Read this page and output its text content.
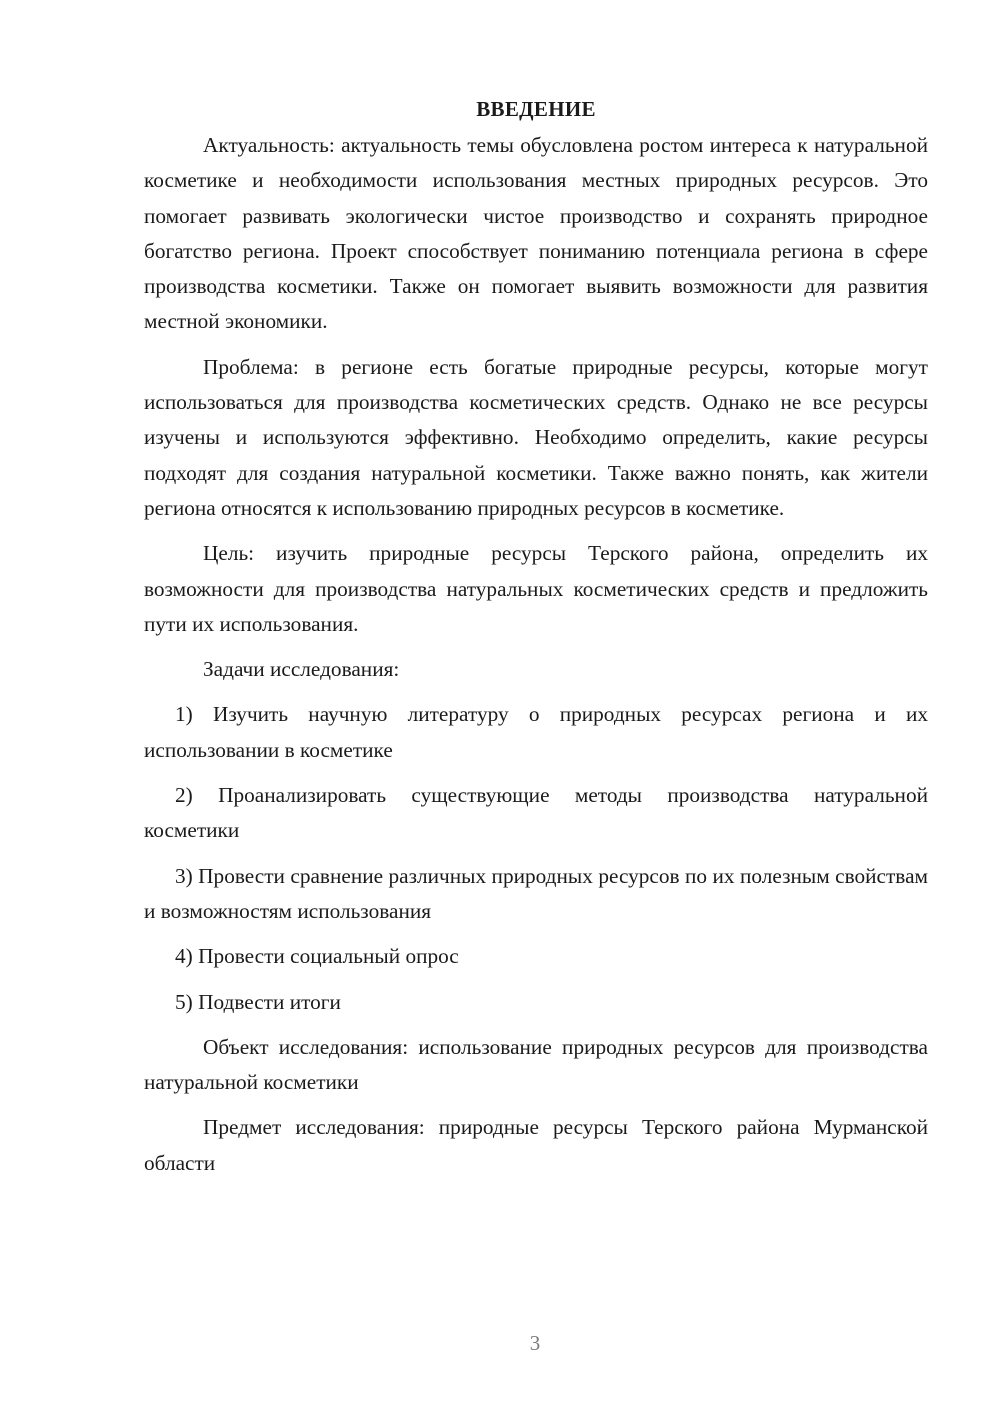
ВВЕДЕНИЕ

Актуальность: актуальность темы обусловлена ростом интереса к натуральной косметике и необходимости использования местных природных ресурсов. Это помогает развивать экологически чистое производство и сохранять природное богатство региона. Проект способствует пониманию потенциала региона в сфере производства косметики. Также он помогает выявить возможности для развития местной экономики.

Проблема: в регионе есть богатые природные ресурсы, которые могут использоваться для производства косметических средств. Однако не все ресурсы изучены и используются эффективно. Необходимо определить, какие ресурсы подходят для создания натуральной косметики. Также важно понять, как жители региона относятся к использованию природных ресурсов в косметике.

Цель: изучить природные ресурсы Терского района, определить их возможности для производства натуральных косметических средств и предложить пути их использования.

Задачи исследования:

1) Изучить научную литературу о природных ресурсах региона и их использовании в косметике

2) Проанализировать существующие методы производства натуральной косметики

3) Провести сравнение различных природных ресурсов по их полезным свойствам и возможностям использования

4) Провести социальный опрос

5) Подвести итоги

Объект исследования: использование природных ресурсов для производства натуральной косметики

Предмет исследования: природные ресурсы Терского района Мурманской области

3
